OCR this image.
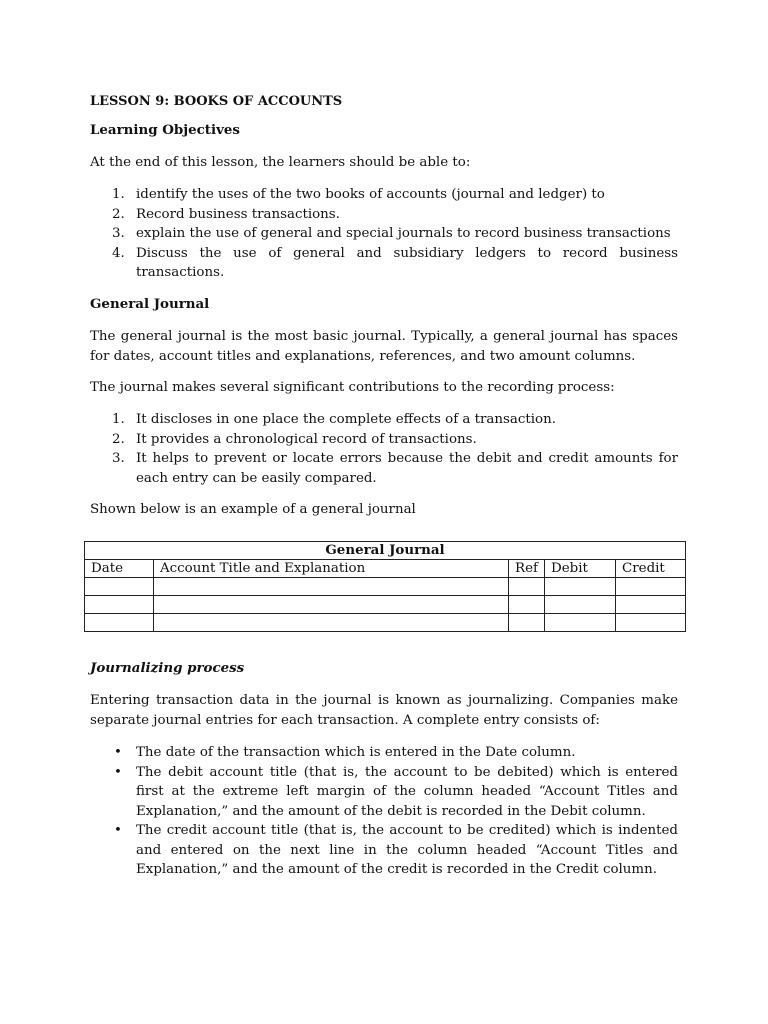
LESSON 9: BOOKS OF ACCOUNTS
Learning Objectives
At the end of this lesson, the learners should be able to:
1. identify the uses of the two books of accounts (journal and ledger) to
2. Record business transactions.
3. explain the use of general and special journals to record business transactions
4. Discuss the use of general and subsidiary ledgers to record business transactions.
General Journal
The general journal is the most basic journal. Typically, a general journal has spaces for dates, account titles and explanations, references, and two amount columns.
The journal makes several significant contributions to the recording process:
1. It discloses in one place the complete effects of a transaction.
2. It provides a chronological record of transactions.
3. It helps to prevent or locate errors because the debit and credit amounts for each entry can be easily compared.
Shown below is an example of a general journal
General Journal				
Date	Account Title and Explanation	Ref	Debit	Credit

Journalizing process
Entering transaction data in the journal is known as journalizing. Companies make separate journal entries for each transaction. A complete entry consists of:
• The date of the transaction which is entered in the Date column.
• The debit account title (that is, the account to be debited) which is entered first at the extreme left margin of the column headed “Account Titles and Explanation,” and the amount of the debit is recorded in the Debit column.
• The credit account title (that is, the account to be credited) which is indented and entered on the next line in the column headed “Account Titles and Explanation,” and the amount of the credit is recorded in the Credit column.
